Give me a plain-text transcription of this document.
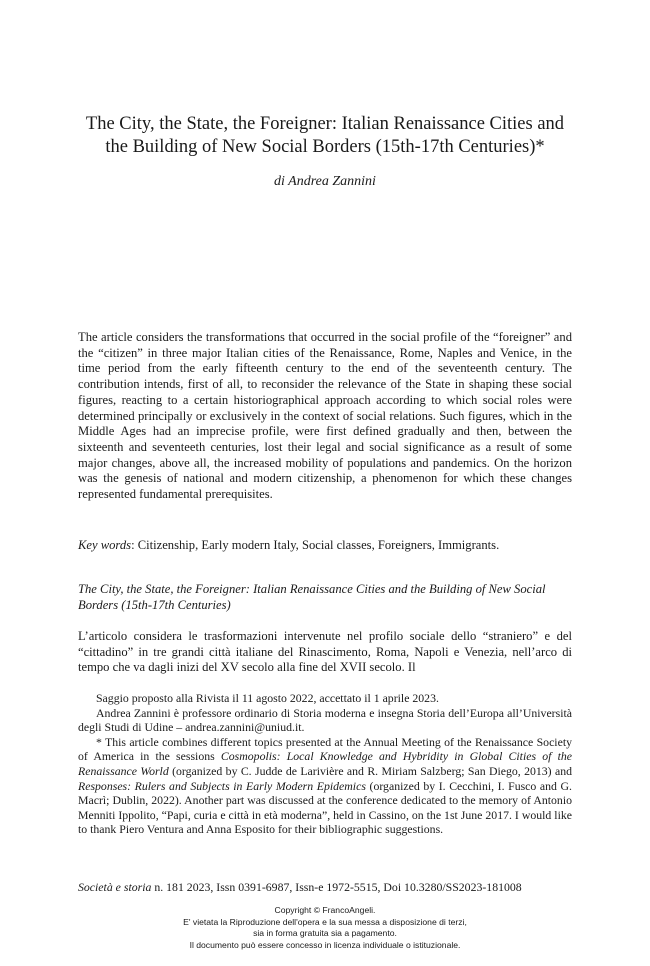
The City, the State, the Foreigner: Italian Renaissance Cities and
the Building of New Social Borders (15th-17th Centuries)*

di Andrea Zannini

The article considers the transformations that occurred in the social profile of the “foreigner” and the “citizen” in three major Italian cities of the Renaissance, Rome, Naples and Venice, in the time period from the early fifteenth century to the end of the seventeenth century. The contribution intends, first of all, to reconsider the relevance of the State in shaping these social figures, reacting to a certain historiographical approach according to which social roles were determined principally or exclusively in the context of social relations. Such figures, which in the Middle Ages had an imprecise profile, were first defined gradually and then, between the sixteenth and seventeeth centuries, lost their legal and social significance as a result of some major changes, above all, the increased mobility of populations and pandemics. On the horizon was the genesis of national and modern citizenship, a phenomenon for which these changes represented fundamental prerequisites.

Key words: Citizenship, Early modern Italy, Social classes, Foreigners, Immigrants.

The City, the State, the Foreigner: Italian Renaissance Cities and the Building of New Social Borders (15th-17th Centuries)

L’articolo considera le trasformazioni intervenute nel profilo sociale dello “straniero” e del “cittadino” in tre grandi città italiane del Rinascimento, Roma, Napoli e Venezia, nell’arco di tempo che va dagli inizi del XV secolo alla fine del XVII secolo. Il

Saggio proposto alla Rivista il 11 agosto 2022, accettato il 1 aprile 2023.

Andrea Zannini è professore ordinario di Storia moderna e insegna Storia dell’Europa all’Università degli Studi di Udine – andrea.zannini@uniud.it.

* This article combines different topics presented at the Annual Meeting of the Renaissance Society of America in the sessions Cosmopolis: Local Knowledge and Hybridity in Global Cities of the Renaissance World (organized by C. Judde de Larivière and R. Miriam Salzberg; San Diego, 2013) and Responses: Rulers and Subjects in Early Modern Epidemics (organized by I. Cecchini, I. Fusco and G. Macrì; Dublin, 2022). Another part was discussed at the conference dedicated to the memory of Antonio Menniti Ippolito, “Papi, curia e città in età moderna”, held in Cassino, on the 1st June 2017. I would like to thank Piero Ventura and Anna Esposito for their bibliographic suggestions.

Società e storia n. 181 2023, Issn 0391-6987, Issn-e 1972-5515, Doi 10.3280/SS2023-181008

Copyright © FrancoAngeli.
E' vietata la Riproduzione dell'opera e la sua messa a disposizione di terzi,
sia in forma gratuita sia a pagamento.
Il documento può essere concesso in licenza individuale o istituzionale.
